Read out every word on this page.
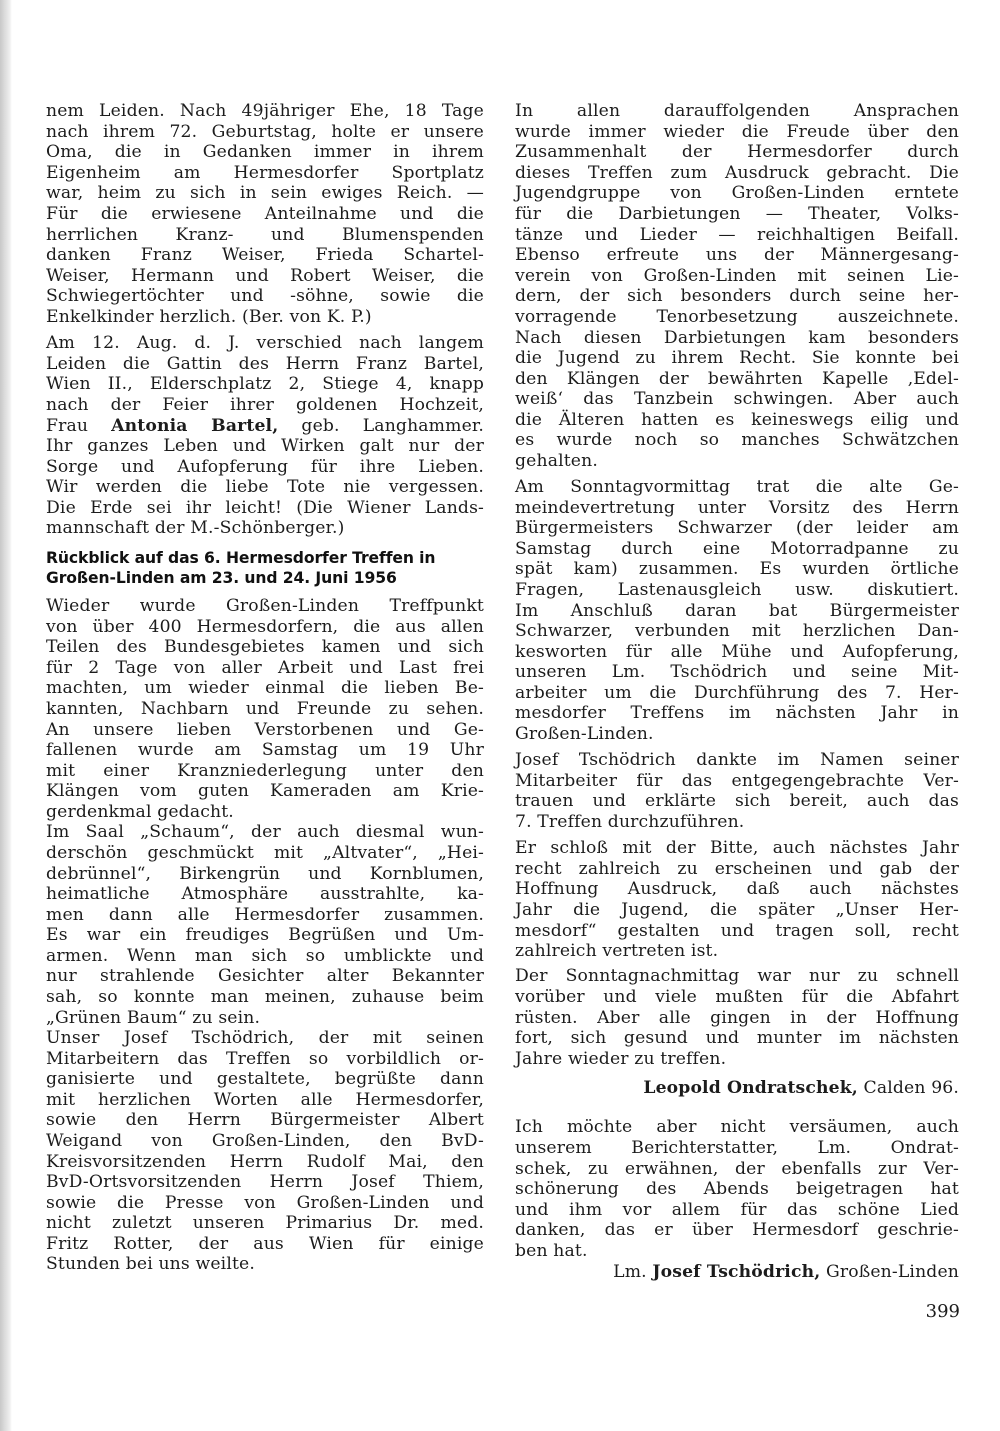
nem Leiden. Nach 49jähriger Ehe, 18 Tage
nach ihrem 72. Geburtstag, holte er unsere
Oma, die in Gedanken immer in ihrem
Eigenheim am Hermesdorfer Sportplatz
war, heim zu sich in sein ewiges Reich. —
Für die erwiesene Anteilnahme und die
herrlichen Kranz- und Blumenspenden
danken Franz Weiser, Frieda Schartel-
Weiser, Hermann und Robert Weiser, die
Schwiegertöchter und -söhne, sowie die
Enkelkinder herzlich. (Ber. von K. P.)
Am 12. Aug. d. J. verschied nach langem
Leiden die Gattin des Herrn Franz Bartel,
Wien II., Elderschplatz 2, Stiege 4, knapp
nach der Feier ihrer goldenen Hochzeit,
Frau Antonia Bartel, geb. Langhammer.
Ihr ganzes Leben und Wirken galt nur der
Sorge und Aufopferung für ihre Lieben.
Wir werden die liebe Tote nie vergessen.
Die Erde sei ihr leicht! (Die Wiener Lands-
mannschaft der M.-Schönberger.)
Rückblick auf das 6. Hermesdorfer Treffen in
Großen-Linden am 23. und 24. Juni 1956
Wieder wurde Großen-Linden Treffpunkt
von über 400 Hermesdorfern, die aus allen
Teilen des Bundesgebietes kamen und sich
für 2 Tage von aller Arbeit und Last frei
machten, um wieder einmal die lieben Be-
kannten, Nachbarn und Freunde zu sehen.
An unsere lieben Verstorbenen und Ge-
fallenen wurde am Samstag um 19 Uhr
mit einer Kranzniederlegung unter den
Klängen vom guten Kameraden am Krie-
gerdenkmal gedacht.
Im Saal „Schaum“, der auch diesmal wun-
derschön geschmückt mit „Altvater“, „Hei-
debrünnel“, Birkengrün und Kornblumen,
heimatliche Atmosphäre ausstrahlte, ka-
men dann alle Hermesdorfer zusammen.
Es war ein freudiges Begrüßen und Um-
armen. Wenn man sich so umblickte und
nur strahlende Gesichter alter Bekannter
sah, so konnte man meinen, zuhause beim
„Grünen Baum“ zu sein.
Unser Josef Tschödrich, der mit seinen
Mitarbeitern das Treffen so vorbildlich or-
ganisierte und gestaltete, begrüßte dann
mit herzlichen Worten alle Hermesdorfer,
sowie den Herrn Bürgermeister Albert
Weigand von Großen-Linden, den BvD-
Kreisvorsitzenden Herrn Rudolf Mai, den
BvD-Ortsvorsitzenden Herrn Josef Thiem,
sowie die Presse von Großen-Linden und
nicht zuletzt unseren Primarius Dr. med.
Fritz Rotter, der aus Wien für einige
Stunden bei uns weilte.
In allen darauffolgenden Ansprachen
wurde immer wieder die Freude über den
Zusammenhalt der Hermesdorfer durch
dieses Treffen zum Ausdruck gebracht. Die
Jugendgruppe von Großen-Linden erntete
für die Darbietungen — Theater, Volks-
tänze und Lieder — reichhaltigen Beifall.
Ebenso erfreute uns der Männergesang-
verein von Großen-Linden mit seinen Lie-
dern, der sich besonders durch seine her-
vorragende Tenorbesetzung auszeichnete.
Nach diesen Darbietungen kam besonders
die Jugend zu ihrem Recht. Sie konnte bei
den Klängen der bewährten Kapelle ‚Edel-
weiß‘ das Tanzbein schwingen. Aber auch
die Älteren hatten es keineswegs eilig und
es wurde noch so manches Schwätzchen
gehalten.
Am Sonntagvormittag trat die alte Ge-
meindevertretung unter Vorsitz des Herrn
Bürgermeisters Schwarzer (der leider am
Samstag durch eine Motorradpanne zu
spät kam) zusammen. Es wurden örtliche
Fragen, Lastenausgleich usw. diskutiert.
Im Anschluß daran bat Bürgermeister
Schwarzer, verbunden mit herzlichen Dan-
kesworten für alle Mühe und Aufopferung,
unseren Lm. Tschödrich und seine Mit-
arbeiter um die Durchführung des 7. Her-
mesdorfer Treffens im nächsten Jahr in
Großen-Linden.
Josef Tschödrich dankte im Namen seiner
Mitarbeiter für das entgegengebrachte Ver-
trauen und erklärte sich bereit, auch das
7. Treffen durchzuführen.
Er schloß mit der Bitte, auch nächstes Jahr
recht zahlreich zu erscheinen und gab der
Hoffnung Ausdruck, daß auch nächstes
Jahr die Jugend, die später „Unser Her-
mesdorf“ gestalten und tragen soll, recht
zahlreich vertreten ist.
Der Sonntagnachmittag war nur zu schnell
vorüber und viele mußten für die Abfahrt
rüsten. Aber alle gingen in der Hoffnung
fort, sich gesund und munter im nächsten
Jahre wieder zu treffen.
Leopold Ondratschek, Calden 96.
Ich möchte aber nicht versäumen, auch
unserem Berichterstatter, Lm. Ondrat-
schek, zu erwähnen, der ebenfalls zur Ver-
schönerung des Abends beigetragen hat
und ihm vor allem für das schöne Lied
danken, das er über Hermesdorf geschrie-
ben hat.
Lm. Josef Tschödrich, Großen-Linden
399
